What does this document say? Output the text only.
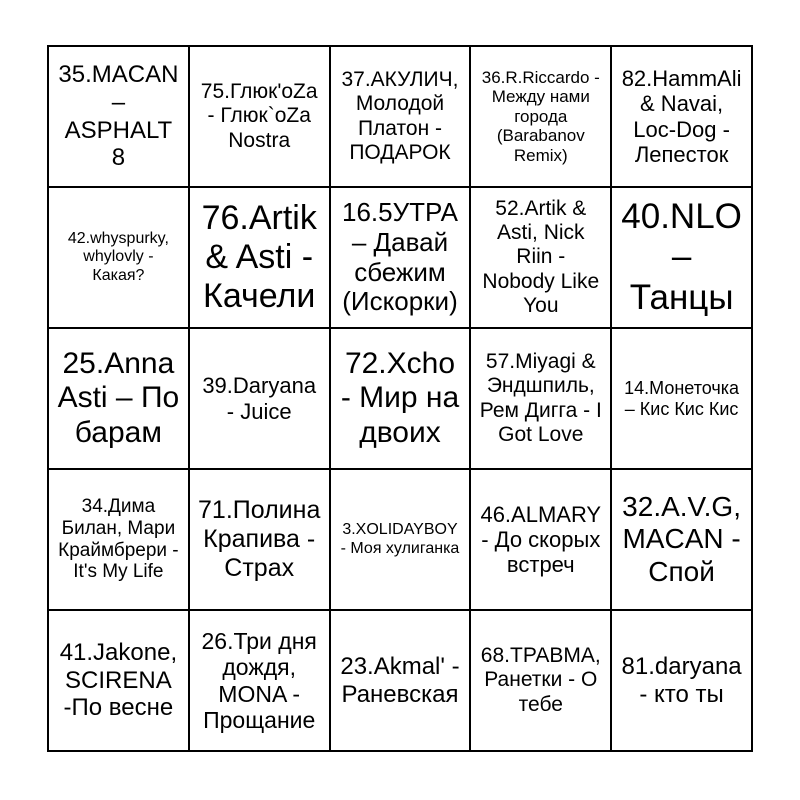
35.MACAN – ASPHALT 8
75.Глюк'oZa - Глюк`oZa Nostra
37.АКУЛИЧ, Молодой Платон - ПОДАРОК
36.R.Riccardo - Между нами города (Barabanov Remix)
82.HammAli & Navai, Loc-Dog - Лепесток
42.whyspurky, whylovly - Какая?
76.Artik & Asti - Качели
16.5УТРА – Давай сбежим (Искорки)
52.Artik & Asti, Nick Riin - Nobody Like You
40.NLO – Танцы
25.Anna Asti – По барам
39.Daryana - Juice
72.Xcho - Мир на двоих
57.Miyagi & Эндшпиль, Рем Дигга - I Got Love
14.Монеточка – Кис Кис Кис
34.Дима Билан, Мари Краймбрери - It's My Life
71.Полина Крапива - Страх
3.XOLIDAYBOY - Моя хулиганка
46.ALMARY - До скорых встреч
32.A.V.G, MACAN - Спой
41.Jakone, SCIRENA -По весне
26.Три дня дождя, MONA - Прощание
23.Akmal' - Раневская
68.ТРАВМА, Ранетки - О тебе
81.daryana - кто ты
